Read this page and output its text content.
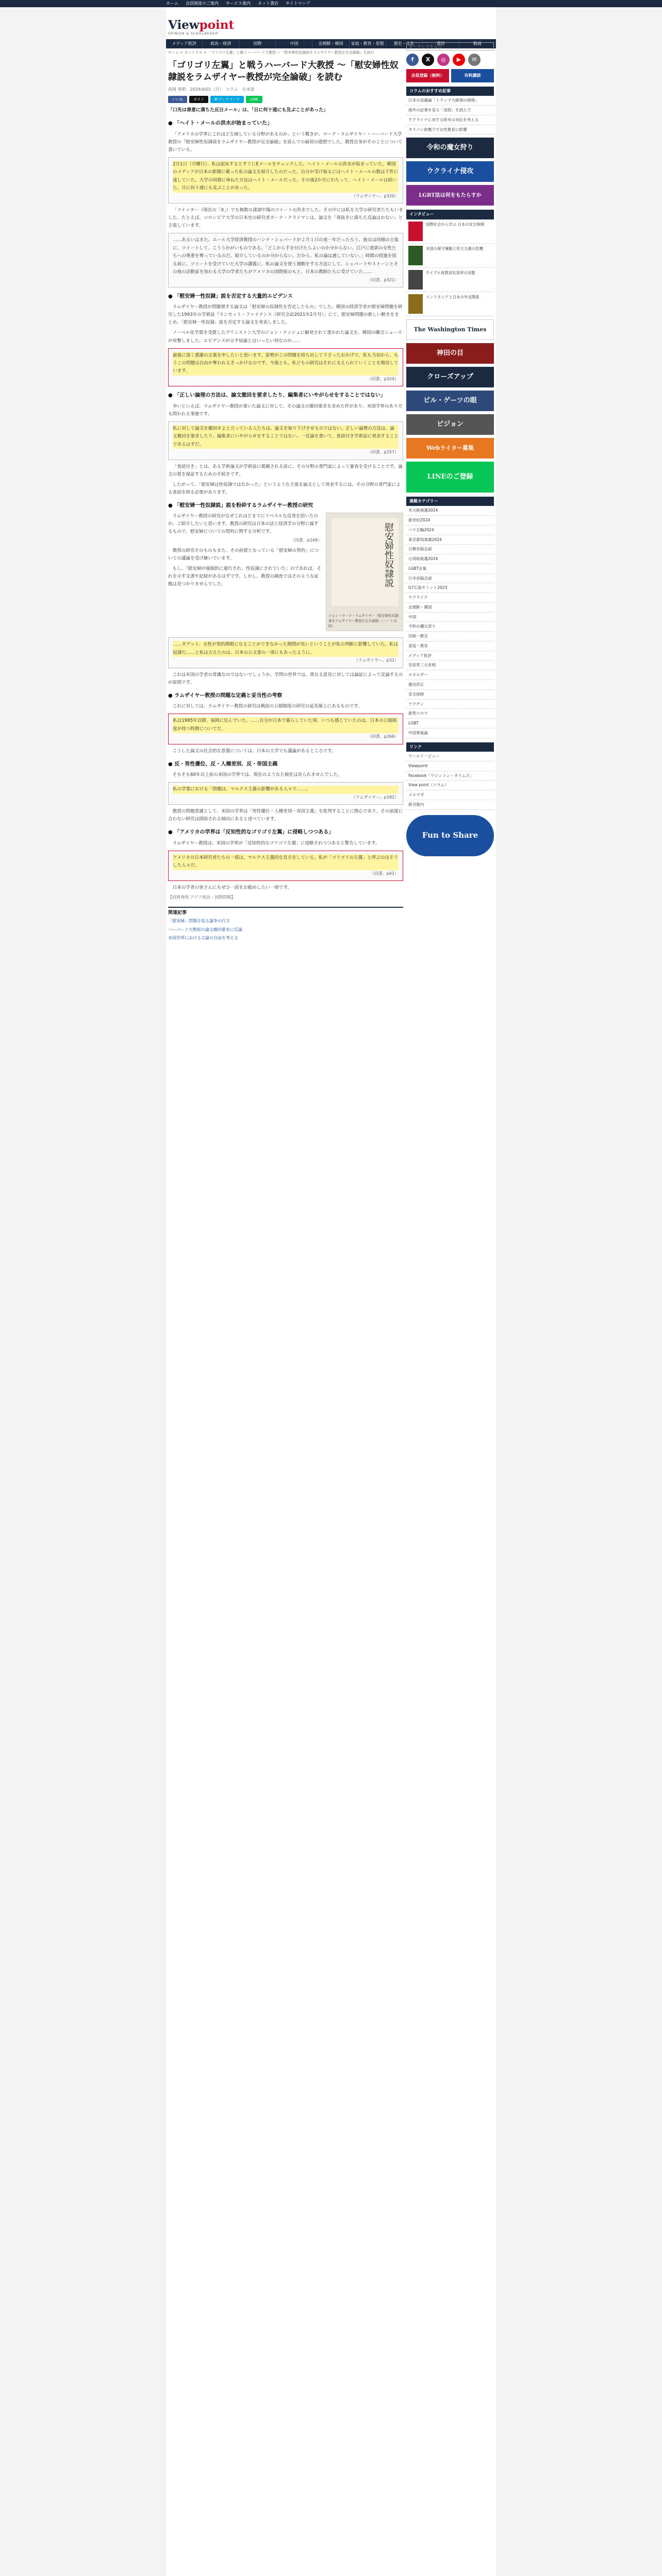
ホーム 会員制度のご案内 サービス案内 ネット書店 サイトマップ
Viewpoint
OPINION & SCHOLARSHIP
メディア批評	政治・経済	国際	中国	北朝鮮・韓国	家庭・教育・思想	歴史・文化	書評	動画
ホーム > ネットウヨ > 「ゴリゴリ左翼」と戦うハーバード大教授 〜「慰安婦性奴隷説をラムザイヤー教授が完全論破」を読む
「ゴリゴリ左翼」と戦うハーバード大教授 〜「慰安婦性奴隷説をラムザイヤー教授が完全論破」を読む
西岡 秀明　2024/4/01（月）　コラム　日本語
いいね	ポスト	B!ブックマーク	LINE
「口先は善意に満ちた反日メール」は、「日に何十通にも及ぶことがあった」
● 「ヘイト・メールの洪水が始まっていた」

「アメリカの学界にこれほど左傾している分野があるのか」という驚きが、マーク・ラムザイヤー・ハーバード大学教授の『慰安婦性奴隷説をラムザイヤー教授が完全論破』を読んでの最初の感想でした。教授自身がそのことについて書いている。

2月1日（月曜日）、私は起床するとすぐにEメールをチェックした。ヘイト・メールの洪水が始まっていた。韓国のメディアが日本の新聞に載った私の論文を紹介したのだった。自分が受け取るにはヘイト・メールの数は千件に達していた。大学の同僚に尋ねた方法はヘイト・メールだった。その後2か月にわたって、ヘイト・メールは続いた。日に何十通にも及ぶことがあった。
（ラムザイヤー、p320）

「ツイッター（現在の「X」）でも無数の誹謗中傷のツイートの洪水でした。その中には私を大学の研究者たちもいました。たとえば、コロンビア大学の日本史の研究者ボーナ・クライマンは、論文を「毒抜きに満ちた反論はかない」と主張しています。

……あるいはまた、エール大学経済教授のハンナ・シェパードが２月１日の夜一年だったろう、彼女は同様の主張に、ツイートして、こううかがいものである。「どこから手を付けたらよいのか分からない。江戸に遊郭の女性たちへの尊重を奪っているのだ。紹介しているのか分からない。だから、私の論は通していない。」時間の経過を経る前に、ツイートを受けていた大学の講義に、私の論文を使う運動をする方法にして、シェパードやストーンとその他の活動家を加わる大学の学者たちがアメリカの国際組のもと、日本の教師たちに受けていた……
（同書、p321）
● 「慰安婦一性奴隷」説を否定する大量的エビデンス

ラムザイヤー教授が問題視する論文は「慰安婦の奴隷性を否定したもの」でした。韓国の経済学者が慰安婦問題を研究した1993年の学術誌『ランセット・ファイナンス（研究会誌2021年2月号）」にて、慰安婦問題の新しい動きをまとめ、「慰安婦一性奴隷」説を否定する論文を発表しました。

ノーベル化学賞を受賞したプリンストン大学のジョン・ナッシュに触発されて書かれた論文を、韓国の聯合ニュースが攻撃しました。エビデンスが示す結論とはいったい何なのか……

最後に深く感謝の言葉を申したいと思います。姿勢がこの問題を持ち出して下さったおかげで、私も当初から、もうこの問題は自由が奪われるきっかけなのです。今後とも、私どもの研究はそれに支えられていくことを期待しています。
（同書、p324）
● 「正しい論理の方法は、論文撤回を要求したり、編集者にいやがらせをすることではない」

争いといえば、ラムザイヤー教授が書いた論文に対して、その論文の撤回要求を求めた件があり、米国学界のあり方も問われる事態です。

私に対して論文を撤回せよと言っている人たちは、論文を取り下げさせるのではない。正しい論理の方法は、論文撤回を要求したり、編集者にいやがらせをすることではない。一反論を書いて、査読付き学術誌に発表することであるはずだ。
（同書、p257）

「査読付き」とは、ある学術論文が学術誌に掲載される前に、その分野の専門家によって審査を受けることです。論文の質を保証するための手続きです。

したがって、「慰安婦は性奴隷ではなかった」というような主張を論文として発表するには、その分野の専門家による査読を経る必要があります。

● 「慰安婦一性奴隷説」説を粉砕するラムザイヤー教授の研究
慰安婦性奴隷説
ジョン・マーク・ラムザイヤー『慰安婦性奴隷説をラムザイヤー教授が完全論破』（ハート出版）

ラムザイヤー教授の研究がなぜこれほどまでにリベラルな反発を招いたのか。ご紹介したいと思います。教授の研究は日本の法と経済学の分野に属するもので、慰安婦についての契約に関する分析です。

（同書、p249）

教授の研究そのものもまた、その前提となっている「慰安婦の契約」についての議論を受け継いでいます。

もし、「慰安婦が強制的に連行され、性奴隷にされていた」のであれば、それを示す文書や記録があるはずです。しかし、教授の調査ではそのような証拠は見つかりませんでした。

……ダグット、女性が契約期限になることができなかった期間が長いということが私の判断に影響していた。私は奴隷だ……と私は言えたのは、日本の公文書の一部にもあったように。
（ラムザイヤー、p31）

これは米国の学者の常識なのではないでしょうか。学問の世界では、異なる意見に対しては論証によって反論するのが原則です。

● ラムザイヤー教授の問題な定義と妥当性の考察

これに対しては、ラムザイヤー教授の研究は戦前の公娼制度の研究の延長線上にあるものです。

私は1985年以降、福岡に住んでいた。……自分が日本で暮らしていた頃、いつも感じていたのは、日本の公娼制度が持つ特徴についてだ。
（同書、p266）

こうした論文の社会的な意義については、日本の大学でも議論があるところです。

● 反・男性優位、反・人種差別、反・帝国主義

そもそも60年以上前の米国の学界では、現在のような左傾化は見られませんでした。

私の学業における「問題は、マルクス主義の影響がある人々で……」
（ラムザイヤー、p182）

教授の問題意識として、米国の学界は「男性優位・人種差別・帝国主義」を批判することに熱心であり、その前提に合わない研究は排除される傾向にあると述べています。

● 「アメリカの学界は「反知性的なゴリゴリ左翼」に侵略しつつある」

ラムザイヤー教授は、米国の学界が「反知性的なゴリゴリ左翼」に侵略されつつあると警告しています。

アメリカの日本研究者たちの一部は、マルクス主義的な見方をしている。私が「ゴリゴリの左翼」と呼ぶのはそうした人々だ。
（同書、p41）

日本の学者の皆さんにもぜひ一読をお勧めしたい一冊です。

【西岡秀明 アジア政治・国際問題】
関連記事
「慰安婦」問題を巡る論争の行方
ハーバード大教授の論文撤回要求に反論
米国学界における言論の自由を考える
キーワードを入力
f	X	◎	▶	✉
会員登録（無料）	有料講読
コラムのおすすめ記事
日本の見識論「トランプ大統領の復帰」
海外の記事を見る「産経」を読んで
ウクライナに対する欧米の対応を考える
タリバン政権下で女性教育に影響
令和の魔女狩り
ウクライナ侵攻
LGBT法は何をもたらすか
インタビュー
国際社会から学ぶ 日本の安全保障
米国の保守運動と民主主義の危機
ウイグル再教育収容所の実態
インドネシアと日本の外交関係
The Washington Times
神田の目
クローズアップ
ビル・ゲーツの眼
ビジョン
Webライター募集
LINEのご登録
連載カテゴリー
米大統領選2024
新世紀2024
パリ五輪2024
東京都知事選2024
日韓首脳会談
台湾総統選2024
LGBT法案
日米首脳会談
G7広島サミット2023
ウクライナ
北朝鮮・韓国
中国
令和の魔女狩り
旧統一教会
家庭・教育
メディア批評
安倍晋三元首相
エネルギー
憲法改正
安全保障
ワクチン
新型コロナ
LGBT
中国脅威論
リンク
ワールド・ビュー
Viewpoint
Facebook「ワシントン・タイムズ」
View point（コラム）
メルマガ
新刊案内
Fun to Share
